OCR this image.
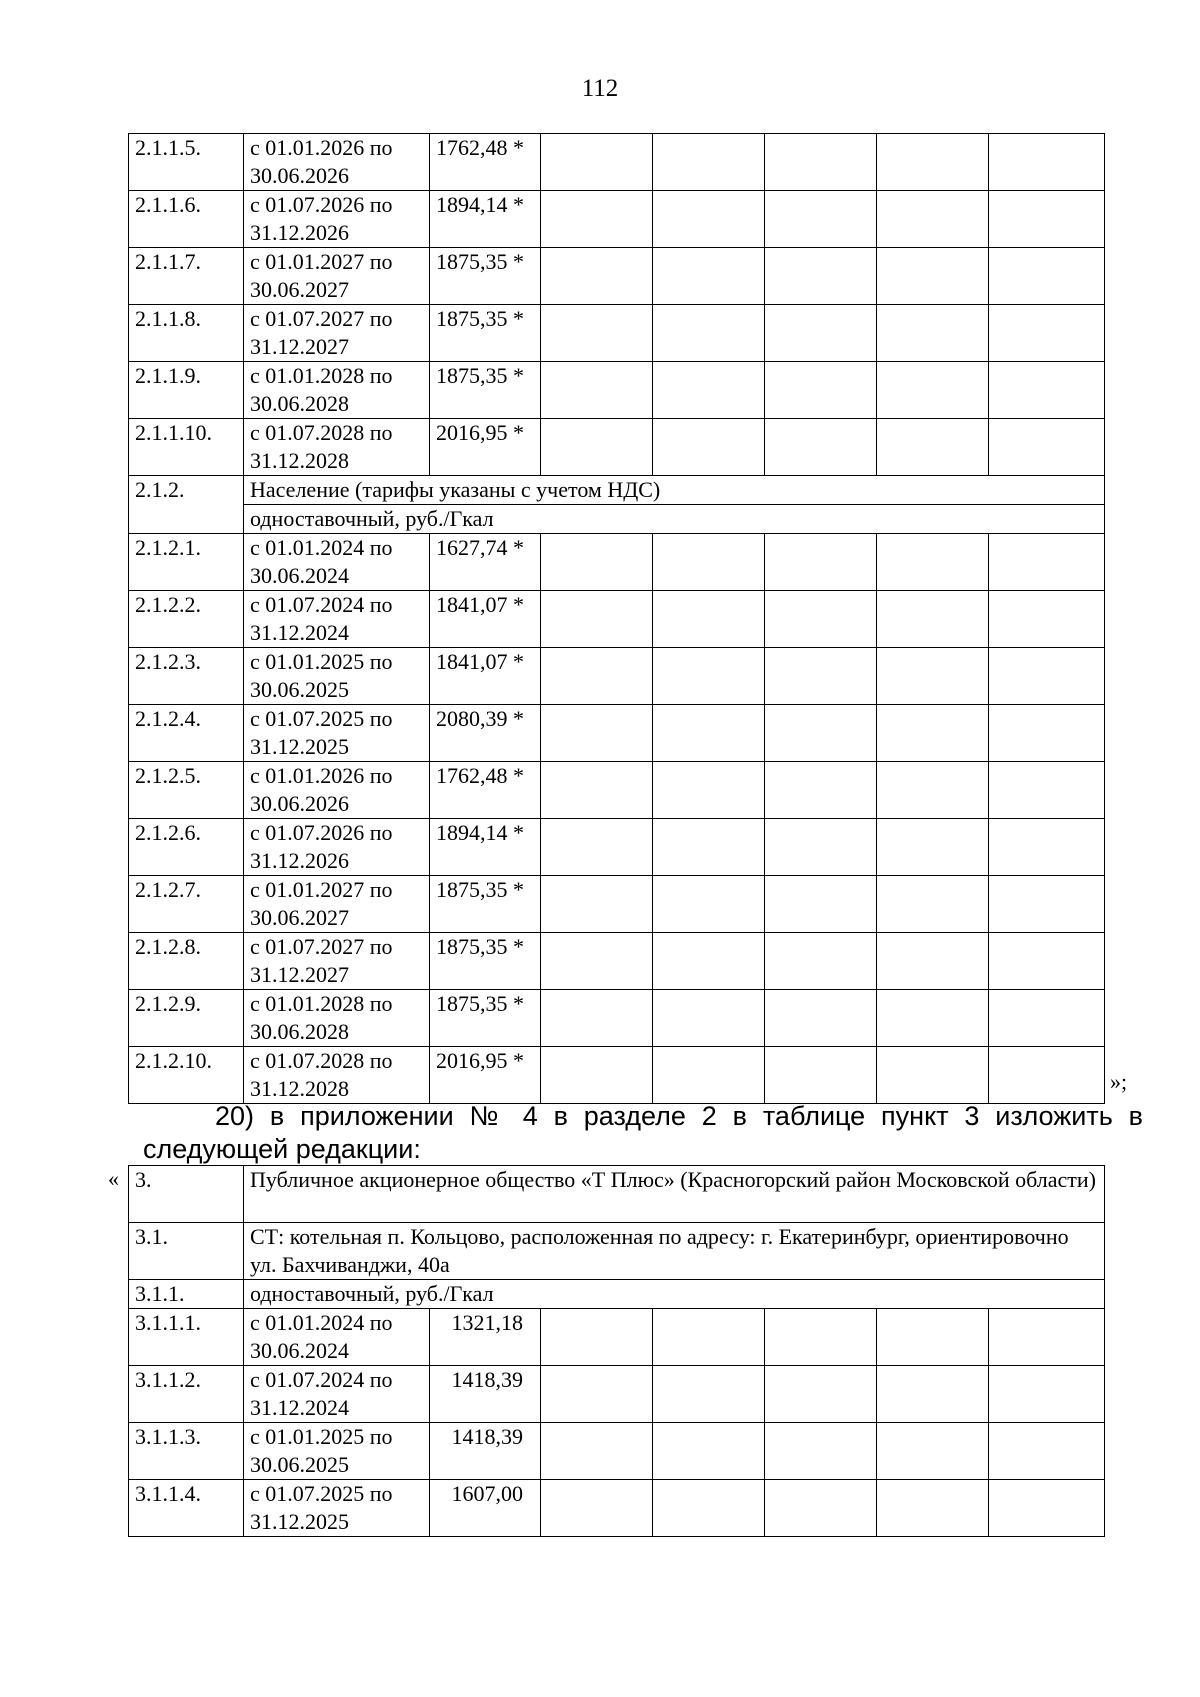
112
2.1.1.5.	с 01.01.2026 по 30.06.2026	1762,48 *					
2.1.1.6.	с 01.07.2026 по 31.12.2026	1894,14 *					
2.1.1.7.	с 01.01.2027 по 30.06.2027	1875,35 *					
2.1.1.8.	с 01.07.2027 по 31.12.2027	1875,35 *					
2.1.1.9.	с 01.01.2028 по 30.06.2028	1875,35 *					
2.1.1.10.	с 01.07.2028 по 31.12.2028	2016,95 *					
2.1.2.	Население (тарифы указаны с учетом НДС)						
	одноставочный, руб./Гкал						
2.1.2.1.	с 01.01.2024 по 30.06.2024	1627,74 *					
2.1.2.2.	с 01.07.2024 по 31.12.2024	1841,07 *					
2.1.2.3.	с 01.01.2025 по 30.06.2025	1841,07 *					
2.1.2.4.	с 01.07.2025 по 31.12.2025	2080,39 *					
2.1.2.5.	с 01.01.2026 по 30.06.2026	1762,48 *					
2.1.2.6.	с 01.07.2026 по 31.12.2026	1894,14 *					
2.1.2.7.	с 01.01.2027 по 30.06.2027	1875,35 *					
2.1.2.8.	с 01.07.2027 по 31.12.2027	1875,35 *					
2.1.2.9.	с 01.01.2028 по 30.06.2028	1875,35 *					
2.1.2.10.	с 01.07.2028 по 31.12.2028	2016,95 *					
»;
20) в приложении № 4 в разделе 2 в таблице пункт 3 изложить в следующей редакции:
« 3.	Публичное акционерное общество «Т Плюс» (Красногорский район Московской области)						
3.1.	СТ: котельная п. Кольцово, расположенная по адресу: г. Екатеринбург, ориентировочно ул. Бахчиванджи, 40а						
3.1.1.	одноставочный, руб./Гкал						
3.1.1.1.	с 01.01.2024 по 30.06.2024	1321,18					
3.1.1.2.	с 01.07.2024 по 31.12.2024	1418,39					
3.1.1.3.	с 01.01.2025 по 30.06.2025	1418,39					
3.1.1.4.	с 01.07.2025 по 31.12.2025	1607,00					
